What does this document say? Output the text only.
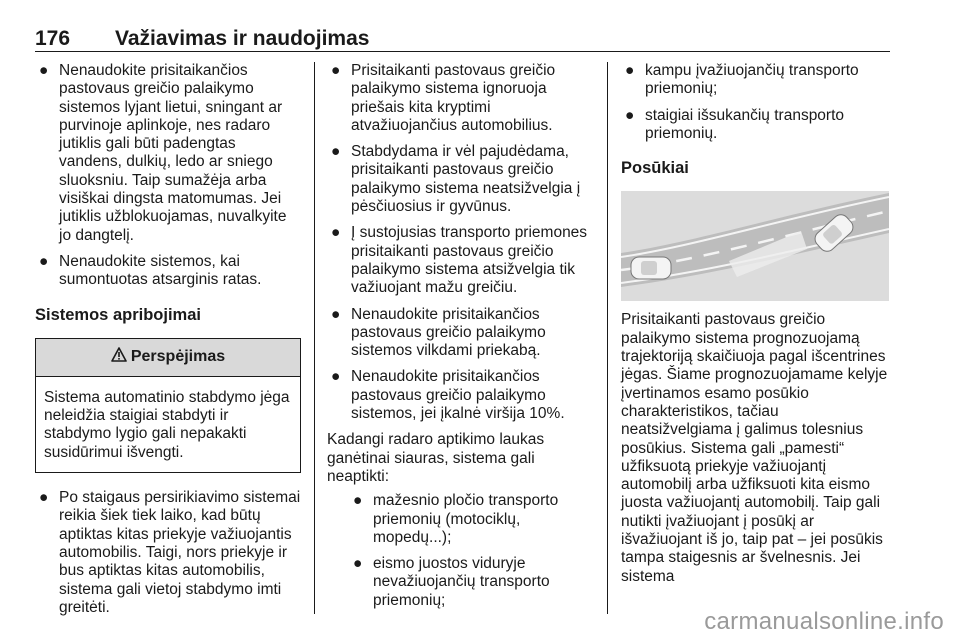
176 Važiavimas ir naudojimas
● Nenaudokite prisitaikančios pastovaus greičio palaikymo sistemos lyjant lietui, sningant ar purvinoje aplinkoje, nes radaro jutiklis gali būti padengtas vandens, dulkių, ledo ar sniego sluoksniu. Taip sumažėja arba visiškai dingsta matomumas. Jei jutiklis užblokuojamas, nuvalkyite jo dangtelį.
● Nenaudokite sistemos, kai sumontuotas atsarginis ratas.
Sistemos apribojimai
Perspėjimas
Sistema automatinio stabdymo jėga neleidžia staigiai stabdyti ir stabdymo lygio gali nepakakti susidūrimui išvengti.
● Po staigaus persirikiavimo sistemai reikia šiek tiek laiko, kad būtų aptiktas kitas priekyje važiuojantis automobilis. Taigi, nors priekyje ir bus aptiktas kitas automobilis, sistema gali vietoj stabdymo imti greitėti.
● Prisitaikanti pastovaus greičio palaikymo sistema ignoruoja priešais kita kryptimi atvažiuojančius automobilius.
● Stabdydama ir vėl pajudėdama, prisitaikanti pastovaus greičio palaikymo sistema neatsižvelgia į pėsčiuosius ir gyvūnus.
● Į sustojusias transporto priemones prisitaikanti pastovaus greičio palaikymo sistema atsižvelgia tik važiuojant mažu greičiu.
● Nenaudokite prisitaikančios pastovaus greičio palaikymo sistemos vilkdami priekabą.
● Nenaudokite prisitaikančios pastovaus greičio palaikymo sistemos, jei įkalnė viršija 10%.
Kadangi radaro aptikimo laukas ganėtinai siauras, sistema gali neaptikti:
● mažesnio pločio transporto priemonių (motociklų, mopedų...);
● eismo juostos viduryje nevažiuojančių transporto priemonių;
● kampu įvažiuojančių transporto priemonių;
● staigiai išsukančių transporto priemonių.
Posūkiai
Prisitaikanti pastovaus greičio palaikymo sistema prognozuojamą trajektoriją skaičiuoja pagal išcentrines jėgas. Šiame prognozuojamame kelyje įvertinamos esamo posūkio charakteristikos, tačiau neatsižvelgiama į galimus tolesnius posūkius. Sistema gali „pamesti“ užfiksuotą priekyje važiuojantį automobilį arba užfiksuoti kita eismo juosta važiuojantį automobilį. Taip gali nutikti įvažiuojant į posūkį ar išvažiuojant iš jo, taip pat – jei posūkis tampa staigesnis ar švelnesnis. Jei sistema
carmanualsonline.info
